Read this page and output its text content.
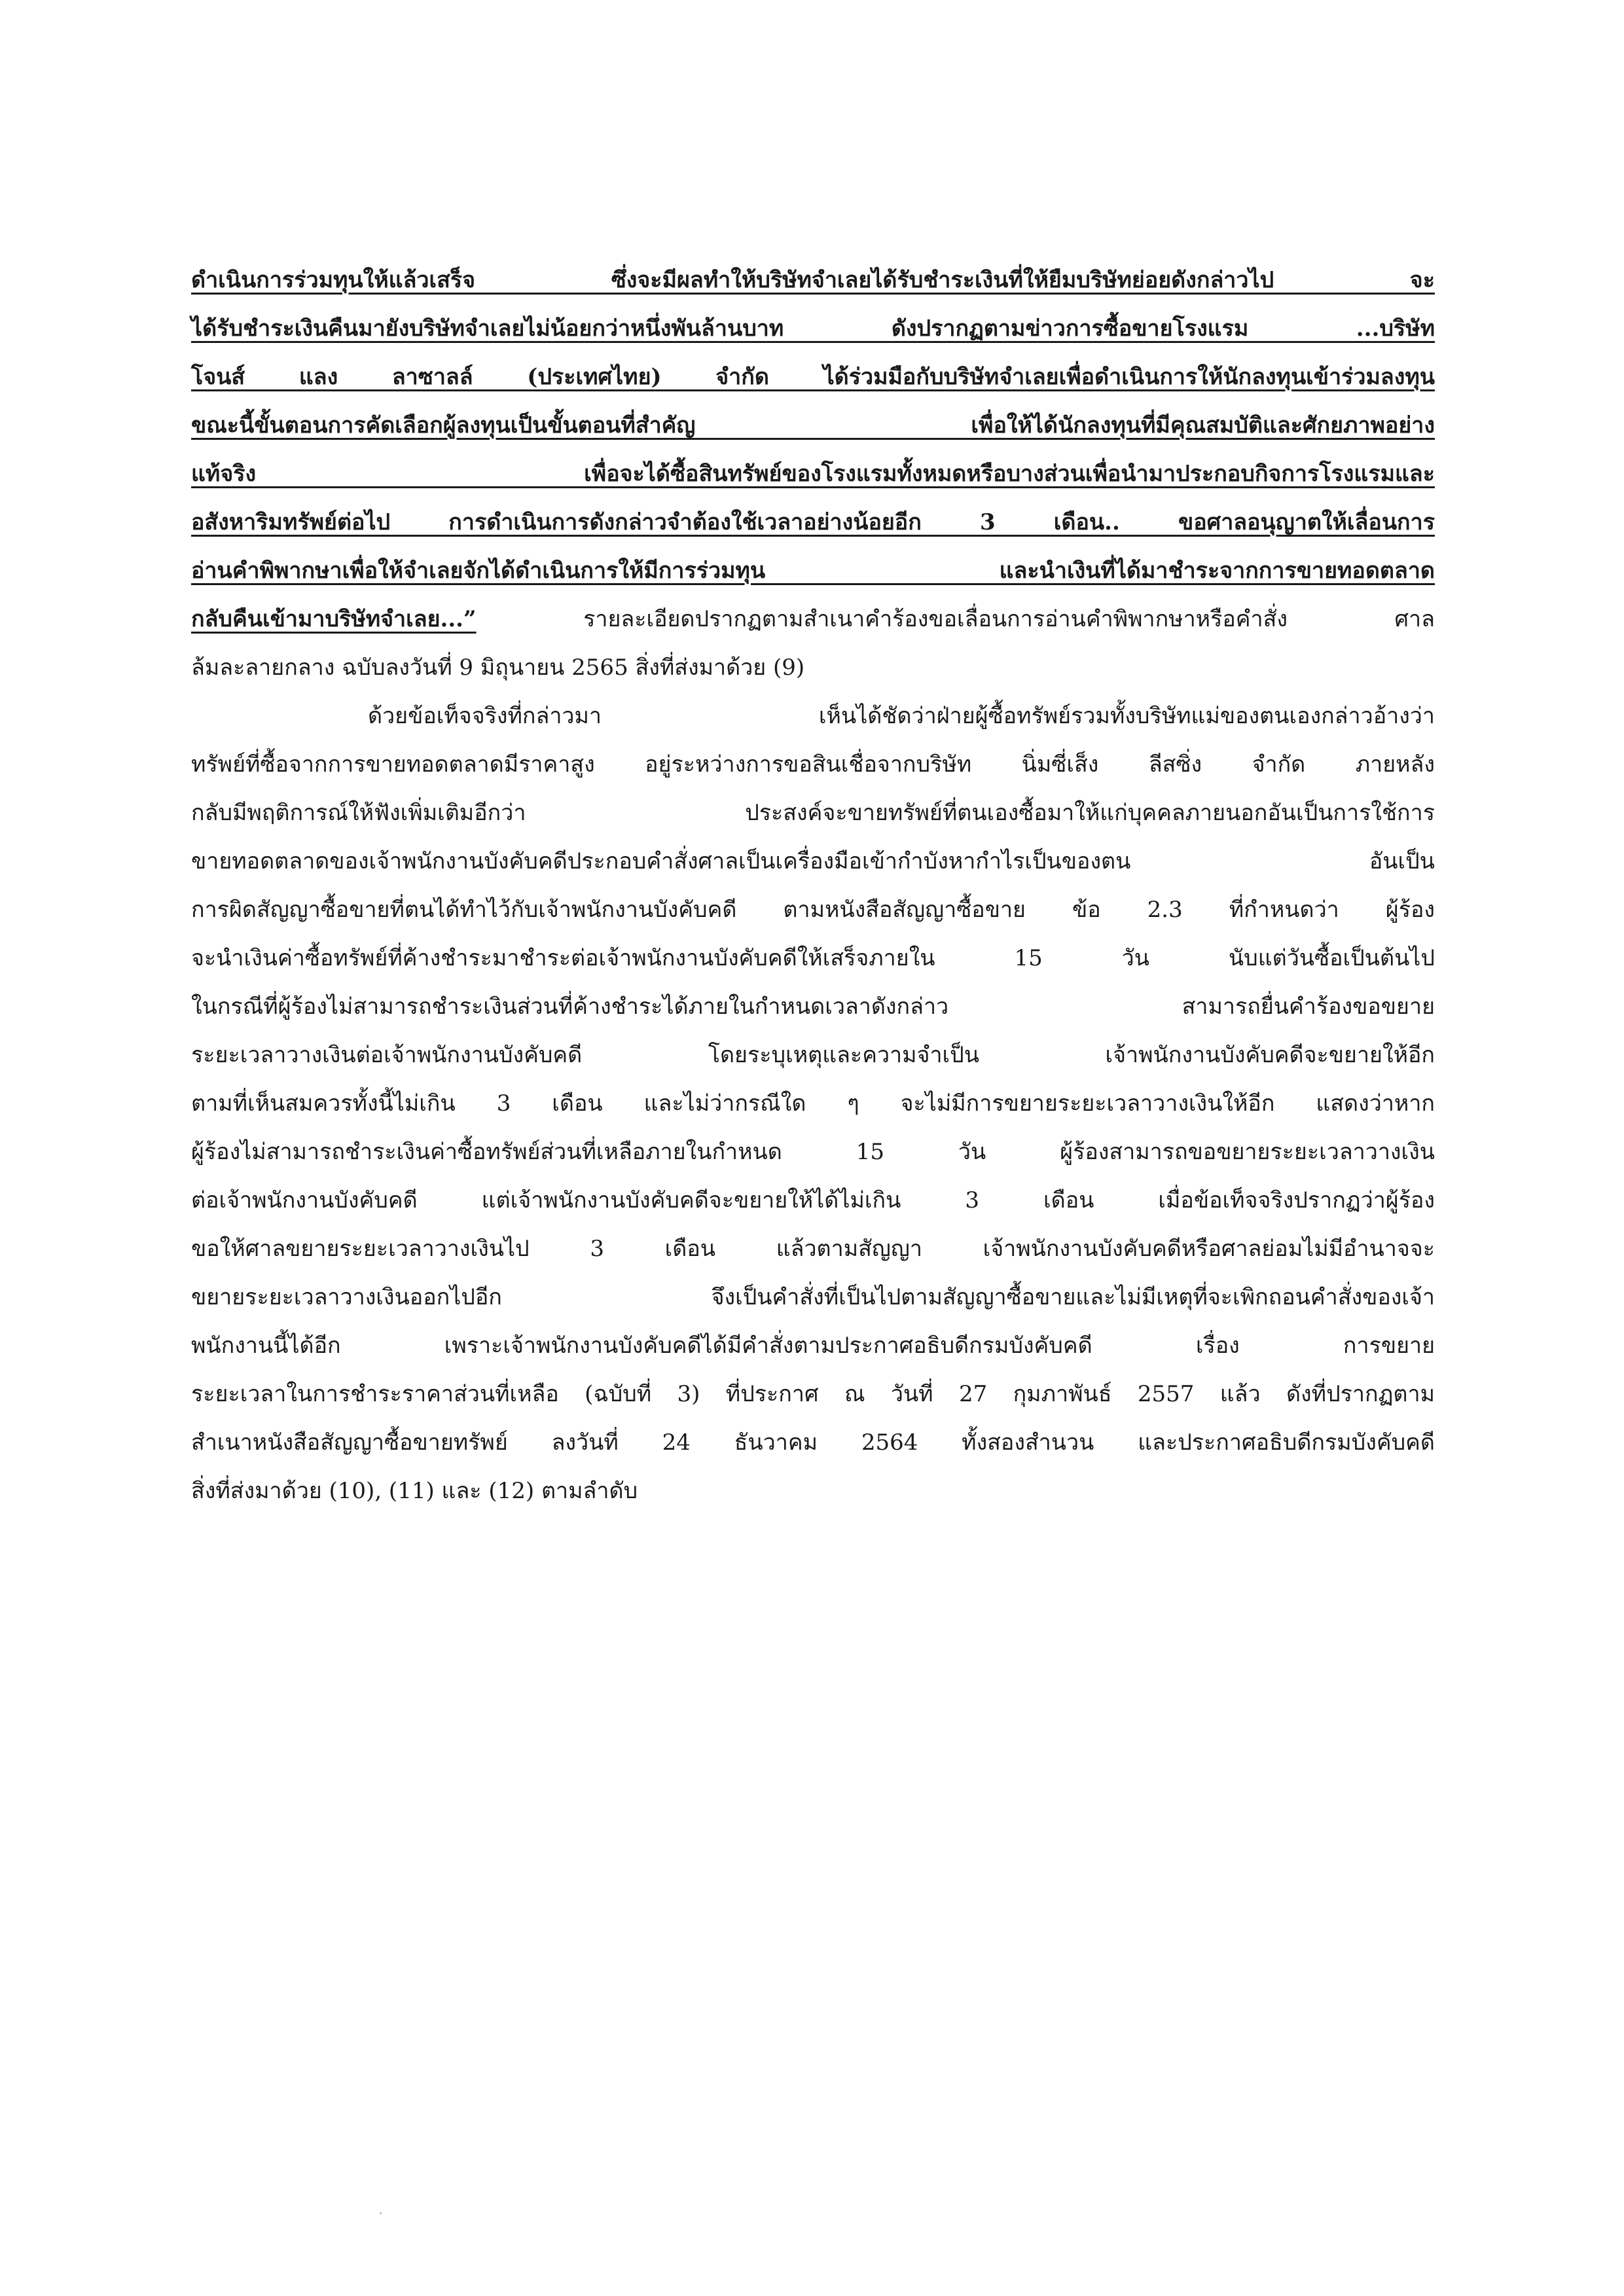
ดำเนินการร่วมทุนให้แล้วเสร็จ ซึ่งจะมีผลทำให้บริษัทจำเลยได้รับชำระเงินที่ให้ยืมบริษัทย่อยดังกล่าวไป จะ
ได้รับชำระเงินคืนมายังบริษัทจำเลยไม่น้อยกว่าหนึ่งพันล้านบาท ดังปรากฏตามข่าวการซื้อขายโรงแรม ...บริษัท
โจนส์ แลง ลาซาลล์ (ประเทศไทย) จำกัด ได้ร่วมมือกับบริษัทจำเลยเพื่อดำเนินการให้นักลงทุนเข้าร่วมลงทุน
ขณะนี้ขั้นตอนการคัดเลือกผู้ลงทุนเป็นขั้นตอนที่สำคัญ เพื่อให้ได้นักลงทุนที่มีคุณสมบัติและศักยภาพอย่าง
แท้จริง เพื่อจะได้ซื้อสินทรัพย์ของโรงแรมทั้งหมดหรือบางส่วนเพื่อนำมาประกอบกิจการโรงแรมและ
อสังหาริมทรัพย์ต่อไป การดำเนินการดังกล่าวจำต้องใช้เวลาอย่างน้อยอีก 3 เดือน.. ขอศาลอนุญาตให้เลื่อนการ
อ่านคำพิพากษาเพื่อให้จำเลยจักได้ดำเนินการให้มีการร่วมทุน และนำเงินที่ได้มาชำระจากการขายทอดตลาด
กลับคืนเข้ามาบริษัทจำเลย...” รายละเอียดปรากฏตามสำเนาคำร้องขอเลื่อนการอ่านคำพิพากษาหรือคำสั่ง ศาล
ล้มละลายกลาง ฉบับลงวันที่ 9 มิถุนายน 2565 สิ่งที่ส่งมาด้วย (9)
ด้วยข้อเท็จจริงที่กล่าวมา เห็นได้ชัดว่าฝ่ายผู้ซื้อทรัพย์รวมทั้งบริษัทแม่ของตนเองกล่าวอ้างว่า
ทรัพย์ที่ซื้อจากการขายทอดตลาดมีราคาสูง อยู่ระหว่างการขอสินเชื่อจากบริษัท นิ่มซี่เส็ง ลีสซิ่ง จำกัด ภายหลัง
กลับมีพฤติการณ์ให้ฟังเพิ่มเติมอีกว่า ประสงค์จะขายทรัพย์ที่ตนเองซื้อมาให้แก่บุคคลภายนอกอันเป็นการใช้การ
ขายทอดตลาดของเจ้าพนักงานบังคับคดีประกอบคำสั่งศาลเป็นเครื่องมือเข้ากำบังหากำไรเป็นของตน อันเป็น
การผิดสัญญาซื้อขายที่ตนได้ทำไว้กับเจ้าพนักงานบังคับคดี ตามหนังสือสัญญาซื้อขาย ข้อ 2.3 ที่กำหนดว่า ผู้ร้อง
จะนำเงินค่าซื้อทรัพย์ที่ค้างชำระมาชำระต่อเจ้าพนักงานบังคับคดีให้เสร็จภายใน 15 วัน นับแต่วันซื้อเป็นต้นไป
ในกรณีที่ผู้ร้องไม่สามารถชำระเงินส่วนที่ค้างชำระได้ภายในกำหนดเวลาดังกล่าว สามารถยื่นคำร้องขอขยาย
ระยะเวลาวางเงินต่อเจ้าพนักงานบังคับคดี โดยระบุเหตุและความจำเป็น เจ้าพนักงานบังคับคดีจะขยายให้อีก
ตามที่เห็นสมควรทั้งนี้ไม่เกิน 3 เดือน และไม่ว่ากรณีใด ๆ จะไม่มีการขยายระยะเวลาวางเงินให้อีก แสดงว่าหาก
ผู้ร้องไม่สามารถชำระเงินค่าซื้อทรัพย์ส่วนที่เหลือภายในกำหนด 15 วัน ผู้ร้องสามารถขอขยายระยะเวลาวางเงิน
ต่อเจ้าพนักงานบังคับคดี แต่เจ้าพนักงานบังคับคดีจะขยายให้ได้ไม่เกิน 3 เดือน เมื่อข้อเท็จจริงปรากฏว่าผู้ร้อง
ขอให้ศาลขยายระยะเวลาวางเงินไป 3 เดือน แล้วตามสัญญา เจ้าพนักงานบังคับคดีหรือศาลย่อมไม่มีอำนาจจะ
ขยายระยะเวลาวางเงินออกไปอีก จึงเป็นคำสั่งที่เป็นไปตามสัญญาซื้อขายและไม่มีเหตุที่จะเพิกถอนคำสั่งของเจ้า
พนักงานนี้ได้อีก เพราะเจ้าพนักงานบังคับคดีได้มีคำสั่งตามประกาศอธิบดีกรมบังคับคดี เรื่อง การขยาย
ระยะเวลาในการชำระราคาส่วนที่เหลือ (ฉบับที่ 3) ที่ประกาศ ณ วันที่ 27 กุมภาพันธ์ 2557 แล้ว ดังที่ปรากฏตาม
สำเนาหนังสือสัญญาซื้อขายทรัพย์ ลงวันที่ 24 ธันวาคม 2564 ทั้งสองสำนวน และประกาศอธิบดีกรมบังคับคดี
สิ่งที่ส่งมาด้วย (10), (11) และ (12) ตามลำดับ
